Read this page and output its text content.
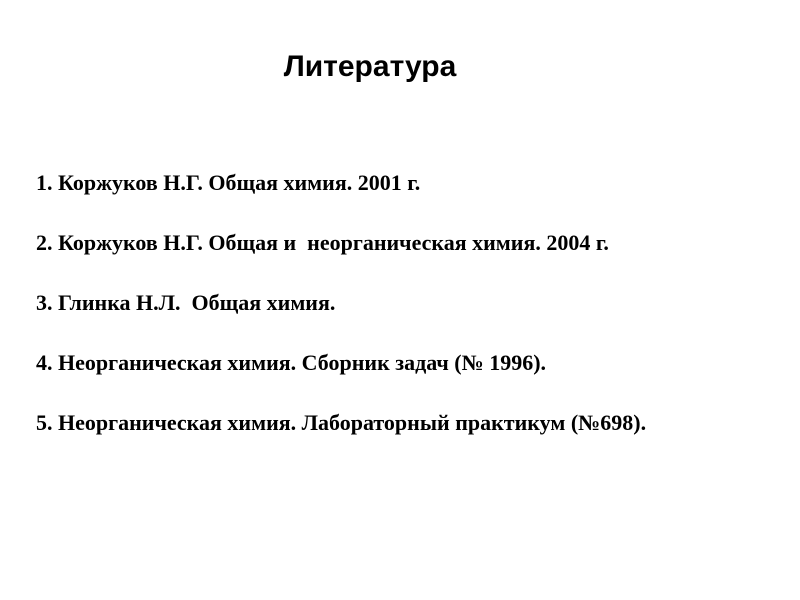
Литература
1. Коржуков Н.Г. Общая химия. 2001 г.
2. Коржуков Н.Г. Общая и  неорганическая химия. 2004 г.
3. Глинка Н.Л.  Общая химия.
4. Неорганическая химия. Сборник задач (№ 1996).
5. Неорганическая химия. Лабораторный практикум (№698).
